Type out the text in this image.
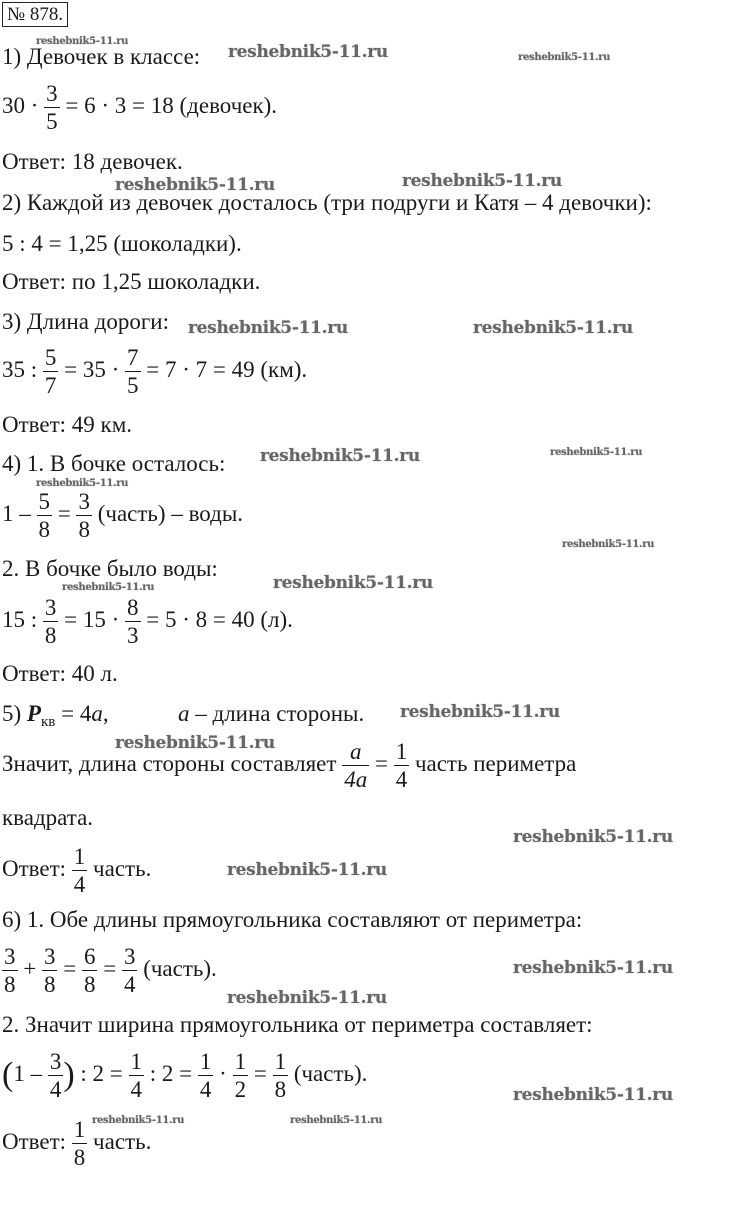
№ 878.
1) Девочек в классе:
$30 \cdot \frac{3}{5} = 6 \cdot 3 = 18$ (девочек).
Ответ: 18 девочек.
2) Каждой из девочек досталось (три подруги и Катя – 4 девочки):
5 : 4 = 1,25 (шоколадки).
Ответ: по 1,25 шоколадки.
3) Длина дороги:
35 : $\frac{5}{7} = 35 \cdot \frac{7}{5} = 7 \cdot 7 = 49$ (км).
Ответ: 49 км.
4) 1. В бочке осталось:
$1 - \frac{5}{8} = \frac{3}{8}$ (часть) – воды.
2. В бочке было воды:
15 : $\frac{3}{8} = 15 \cdot \frac{8}{3} = 5 \cdot 8 = 40$ (л).
Ответ: 40 л.
5) $P_{кв} = 4a$,	a – длина стороны.
Значит, длина стороны составляет $\frac{a}{4a} = \frac{1}{4}$ часть периметра
квадрата.
Ответ: $\frac{1}{4}$ часть.
6) 1. Обе длины прямоугольника составляют от периметра:
$\frac{3}{8} + \frac{3}{8} = \frac{6}{8} = \frac{3}{4}$ (часть).
2. Значит ширина прямоугольника от периметра составляет:
($1 - \frac{3}{4}$ ) : $2 = \frac{1}{4}$ : $2 = \frac{1}{4} \cdot \frac{1}{2} = \frac{1}{8}$ (часть).
Ответ: $\frac{1}{8}$ часть.
reshebnik5-11.ru
reshebnik5-11.ru	reshebnik5-11.ru
reshebnik5-11.ru	reshebnik5-11.ru
reshebnik5-11.ru	reshebnik5-11.ru
reshebnik5-11.ru	reshebnik5-11.ru
reshebnik5-11.ru
reshebnik5-11.ru
reshebnik5-11.ru
reshebnik5-11.ru
reshebnik5-11.ru
reshebnik5-11.ru
reshebnik5-11.ru
reshebnik5-11.ru
reshebnik5-11.ru
reshebnik5-11.ru
reshebnik5-11.ru
reshebnik5-11.ru	reshebnik5-11.ru
